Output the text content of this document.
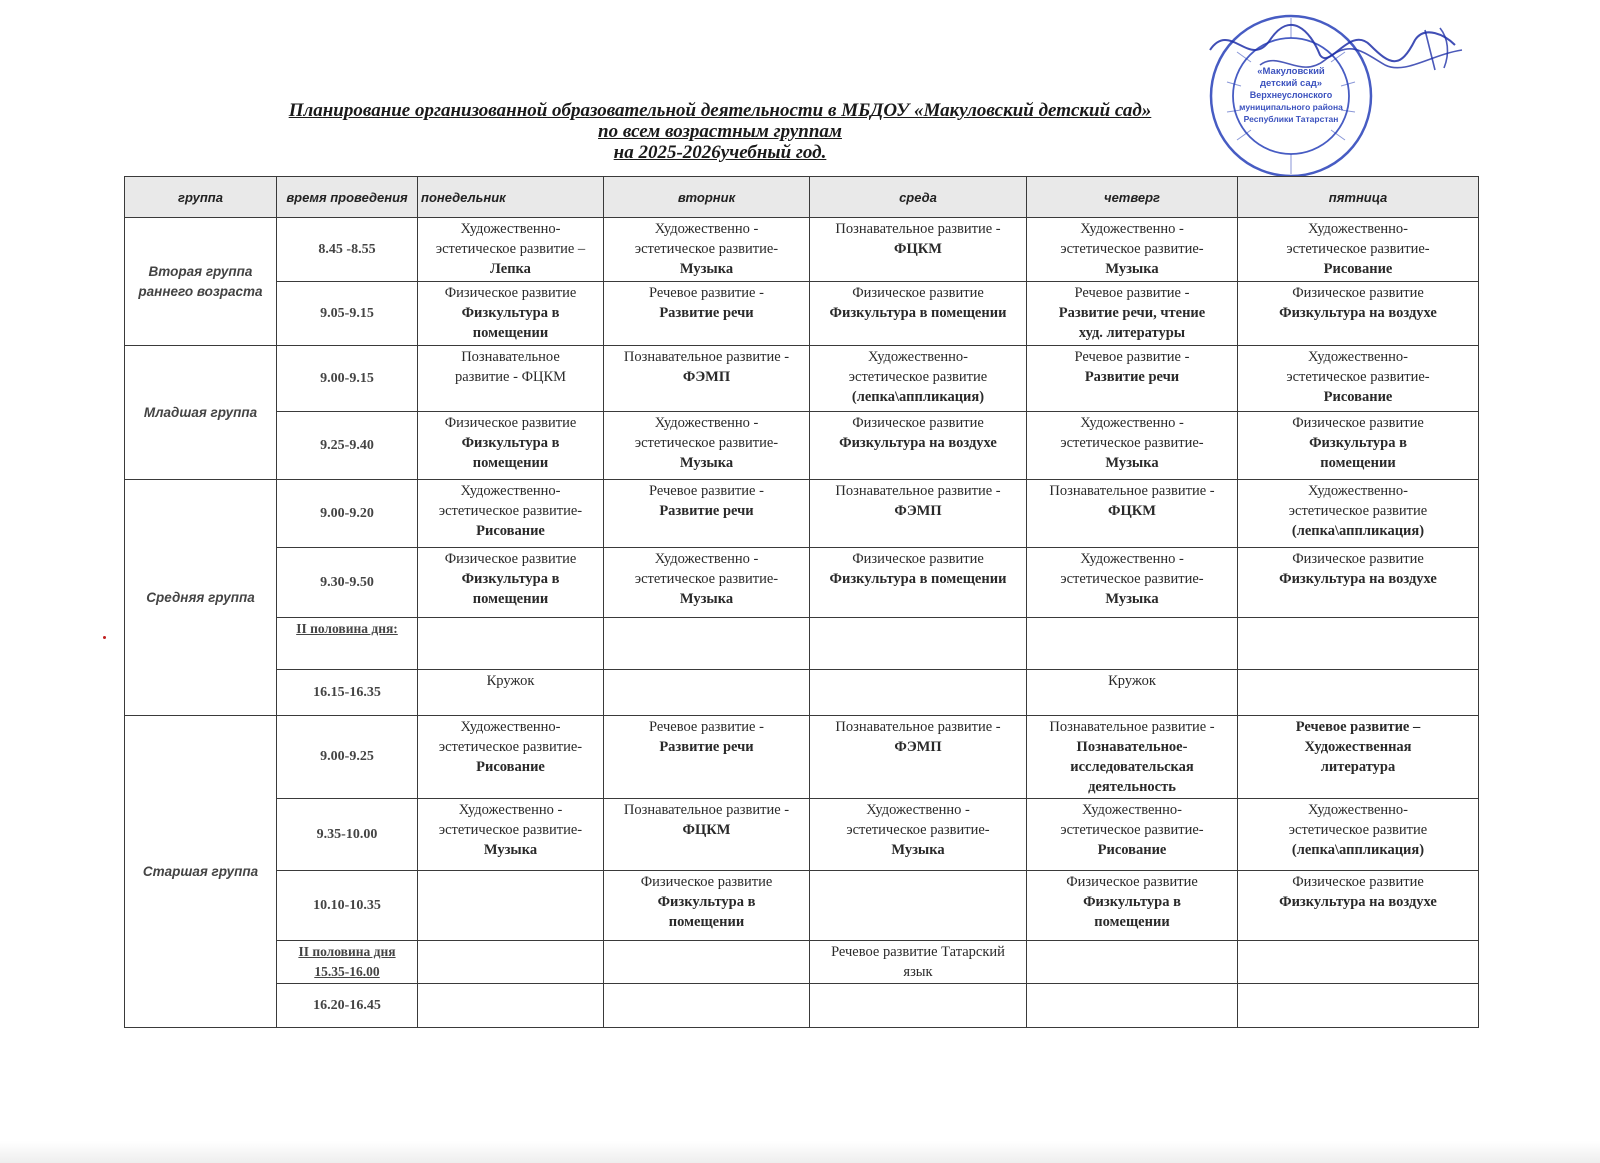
Планирование организованной образовательной деятельности в МБДОУ «Макуловский детский сад»
по всем возрастным группам
на 2025-2026учебный год.
«Макуловский
детский сад»
Верхнеуслонского
муниципального района
Республики Татарстан
группа	время проведения	понедельник	вторник	среда	четверг	пятница
Вторая группа раннего возраста	8.45 -8.55	Художественно-
эстетическое развитие –
Лепка	Художественно -
эстетическое развитие-
Музыка	Познавательное развитие -
ФЦКМ	Художественно -
эстетическое развитие-
Музыка	Художественно-
эстетическое развитие-
Рисование

	9.05-9.15	Физическое развитие
Физкультура в
помещении	Речевое развитие -
Развитие речи	Физическое развитие
Физкультура в помещении	Речевое развитие -
Развитие речи, чтение
худ. литературы	Физическое развитие
Физкультура на воздухе

Младшая группа	9.00-9.15	Познавательное
развитие - ФЦКМ	Познавательное развитие -
ФЭМП	Художественно-
эстетическое развитие
(лепка\аппликация)	Речевое развитие -
Развитие речи	Художественно-
эстетическое развитие-
Рисование

	9.25-9.40	Физическое развитие
Физкультура в
помещении	Художественно -
эстетическое развитие-
Музыка	Физическое развитие
Физкультура на воздухе	Художественно -
эстетическое развитие-
Музыка	Физическое развитие
Физкультура в
помещении

Средняя группа	9.00-9.20	Художественно-
эстетическое развитие-
Рисование	Речевое развитие -
Развитие речи	Познавательное развитие -
ФЭМП	Познавательное развитие -
ФЦКМ	Художественно-
эстетическое развитие
(лепка\аппликация)

	9.30-9.50	Физическое развитие
Физкультура в
помещении	Художественно -
эстетическое развитие-
Музыка	Физическое развитие
Физкультура в помещении	Художественно -
эстетическое развитие-
Музыка	Физическое развитие
Физкультура на воздухе

	II половина дня:					

	16.15-16.35	Кружок			Кружок	

Старшая группа	9.00-9.25	Художественно-
эстетическое развитие-
Рисование	Речевое развитие -
Развитие речи	Познавательное развитие -
ФЭМП	Познавательное развитие -
Познавательное-
исследовательская
деятельность	Речевое развитие –
Художественная
литература

	9.35-10.00	Художественно -
эстетическое развитие-
Музыка	Познавательное развитие -
ФЦКМ	Художественно -
эстетическое развитие-
Музыка	Художественно-
эстетическое развитие-
Рисование	Художественно-
эстетическое развитие
(лепка\аппликация)

	10.10-10.35		Физическое развитие
Физкультура в
помещении		Физическое развитие
Физкультура в
помещении	Физическое развитие
Физкультура на воздухе

	II половина дня
15.35-16.00			Речевое развитие Татарский
язык		

	16.20-16.45					
